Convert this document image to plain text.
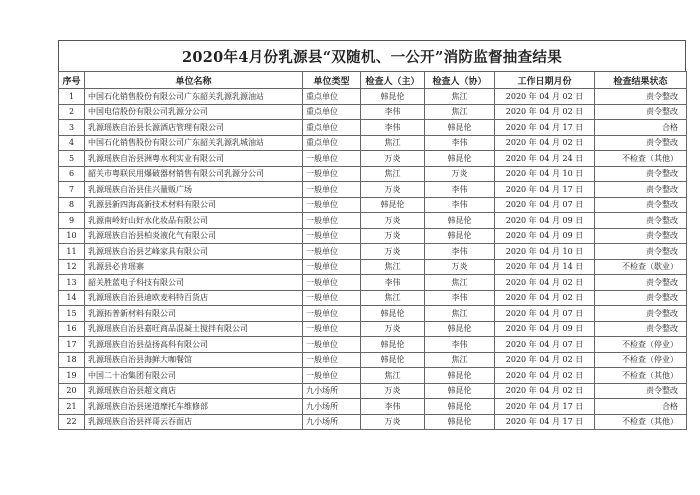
2020年4月份乳源县“双随机、一公开”消防监督抽查结果
序号	单位名称	单位类型	检查人（主）	检查人（协）	工作日期月份	检查结果状态
1	中国石化销售股份有限公司广东韶关乳源乳源油站	重点单位	韩昆伦	焦江	2020 年 04 月 02 日	责令整改
2	中国电信股份有限公司乳源分公司	重点单位	李伟	焦江	2020 年 04 月 02 日	责令整改
3	乳源瑶族自治县长源酒店管理有限公司	重点单位	李伟	韩昆伦	2020 年 04 月 17 日	合格
4	中国石化销售股份有限公司广东韶关乳源乳城油站	重点单位	焦江	李伟	2020 年 04 月 02 日	责令整改
5	乳源瑶族自治县洲粤水利实业有限公司	一般单位	万炎	韩昆伦	2020 年 04 月 24 日	不检查（其他）
6	韶关市粤联民用爆破器材销售有限公司乳源分公司	一般单位	焦江	万炎	2020 年 04 月 10 日	责令整改
7	乳源瑶族自治县佳兴量贩广场	一般单位	万炎	李伟	2020 年 04 月 17 日	责令整改
8	乳源县新四海高新技术材料有限公司	一般单位	韩昆伦	李伟	2020 年 04 月 07 日	责令整改
9	乳源南岭好山好水化妆品有限公司	一般单位	万炎	韩昆伦	2020 年 04 月 09 日	责令整改
10	乳源瑶族自治县柏炎液化气有限公司	一般单位	万炎	韩昆伦	2020 年 04 月 09 日	责令整改
11	乳源瑶族自治县艺峰家具有限公司	一般单位	万炎	李伟	2020 年 04 月 10 日	责令整改
12	乳源县必肯瑶寨	一般单位	焦江	万炎	2020 年 04 月 14 日	不检查（歇业）
13	韶关胜蓝电子科技有限公司	一般单位	李伟	焦江	2020 年 04 月 02 日	责令整改
14	乳源瑶族自治县迪欧麦料特百货店	一般单位	焦江	李伟	2020 年 04 月 02 日	责令整改
15	乳源拓普新材料有限公司	一般单位	韩昆伦	焦江	2020 年 04 月 07 日	责令整改
16	乳源瑶族自治县嘉旺商品混凝土搅拌有限公司	一般单位	万炎	韩昆伦	2020 年 04 月 09 日	责令整改
17	乳源瑶族自治县益扬高科有限公司	一般单位	韩昆伦	李伟	2020 年 04 月 07 日	不检查（停业）
18	乳源瑶族自治县海鲜大咖餐馆	一般单位	韩昆伦	焦江	2020 年 04 月 02 日	不检查（停业）
19	中国二十冶集团有限公司	一般单位	焦江	韩昆伦	2020 年 04 月 02 日	不检查（其他）
20	乳源瑶族自治县超文商店	九小场所	万炎	韩昆伦	2020 年 04 月 02 日	责令整改
21	乳源瑶族自治县迷道摩托车维修部	九小场所	李伟	韩昆伦	2020 年 04 月 17 日	合格
22	乳源瑶族自治县祥哥云吞面店	九小场所	万炎	韩昆伦	2020 年 04 月 17 日	不检查（其他）
